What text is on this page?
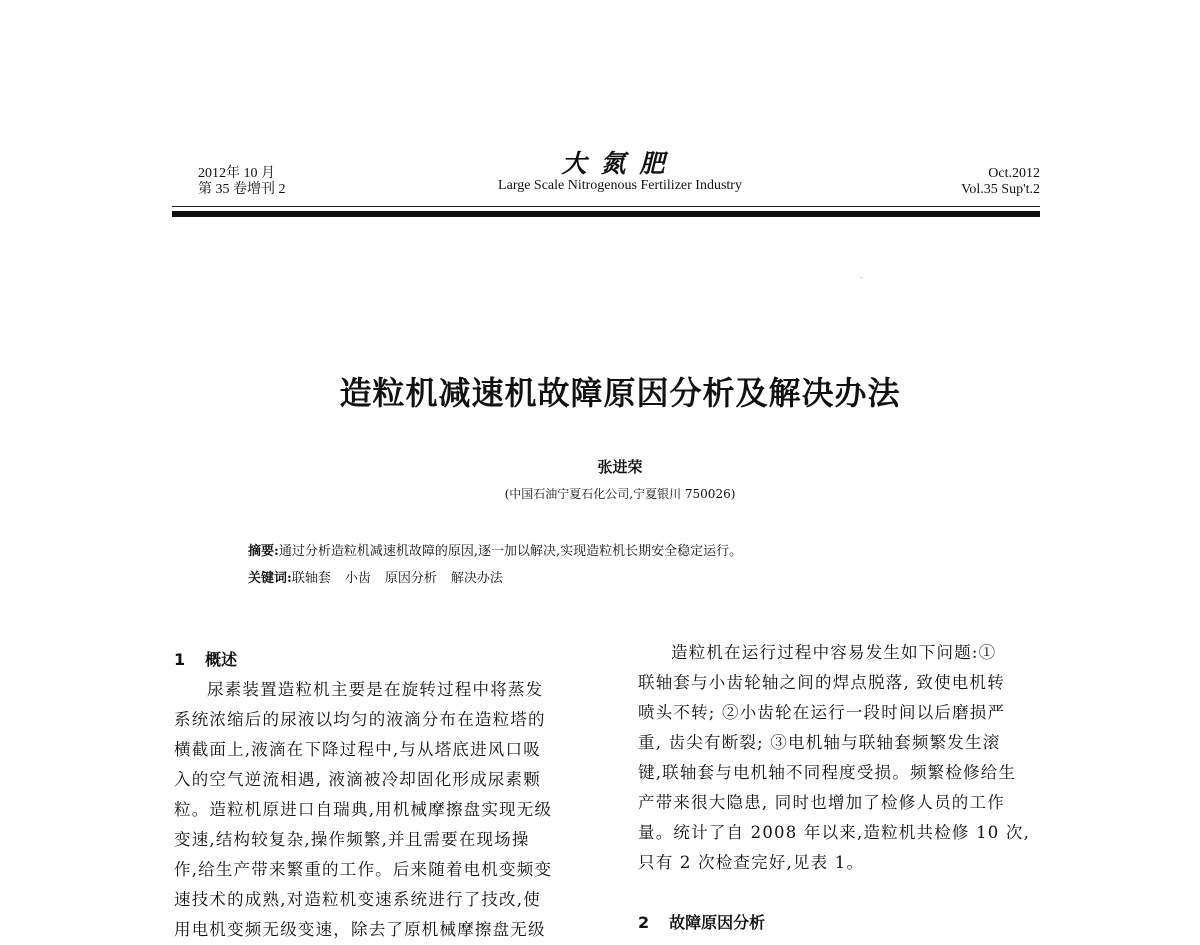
2012年 10 月
第 35 卷增刊 2
大氮肥
Large Scale Nitrogenous Fertilizer Industry
Oct.2012
Vol.35 Sup't.2
造粒机减速机故障原因分析及解决办法
张进荣
(中国石油宁夏石化公司,宁夏银川 750026)
摘要:通过分析造粒机减速机故障的原因,逐一加以解决,实现造粒机长期安全稳定运行。
关键词:联轴套 小齿 原因分析 解决办法
1 概述
尿素装置造粒机主要是在旋转过程中将蒸发
系统浓缩后的尿液以均匀的液滴分布在造粒塔的
横截面上,液滴在下降过程中,与从塔底进风口吸
入的空气逆流相遇, 液滴被冷却固化形成尿素颗
粒。造粒机原进口自瑞典,用机械摩擦盘实现无级
变速,结构较复杂,操作频繁,并且需要在现场操
作,给生产带来繁重的工作。后来随着电机变频变
速技术的成熟,对造粒机变速系统进行了技改,使
用电机变频无级变速，除去了原机械摩擦盘无级
造粒机在运行过程中容易发生如下问题:①
联轴套与小齿轮轴之间的焊点脱落, 致使电机转
喷头不转; ②小齿轮在运行一段时间以后磨损严
重, 齿尖有断裂; ③电机轴与联轴套频繁发生滚
键,联轴套与电机轴不同程度受损。频繁检修给生
产带来很大隐患, 同时也增加了检修人员的工作
量。统计了自 2008 年以来,造粒机共检修 10 次,
只有 2 次检查完好,见表 1。
2 故障原因分析
